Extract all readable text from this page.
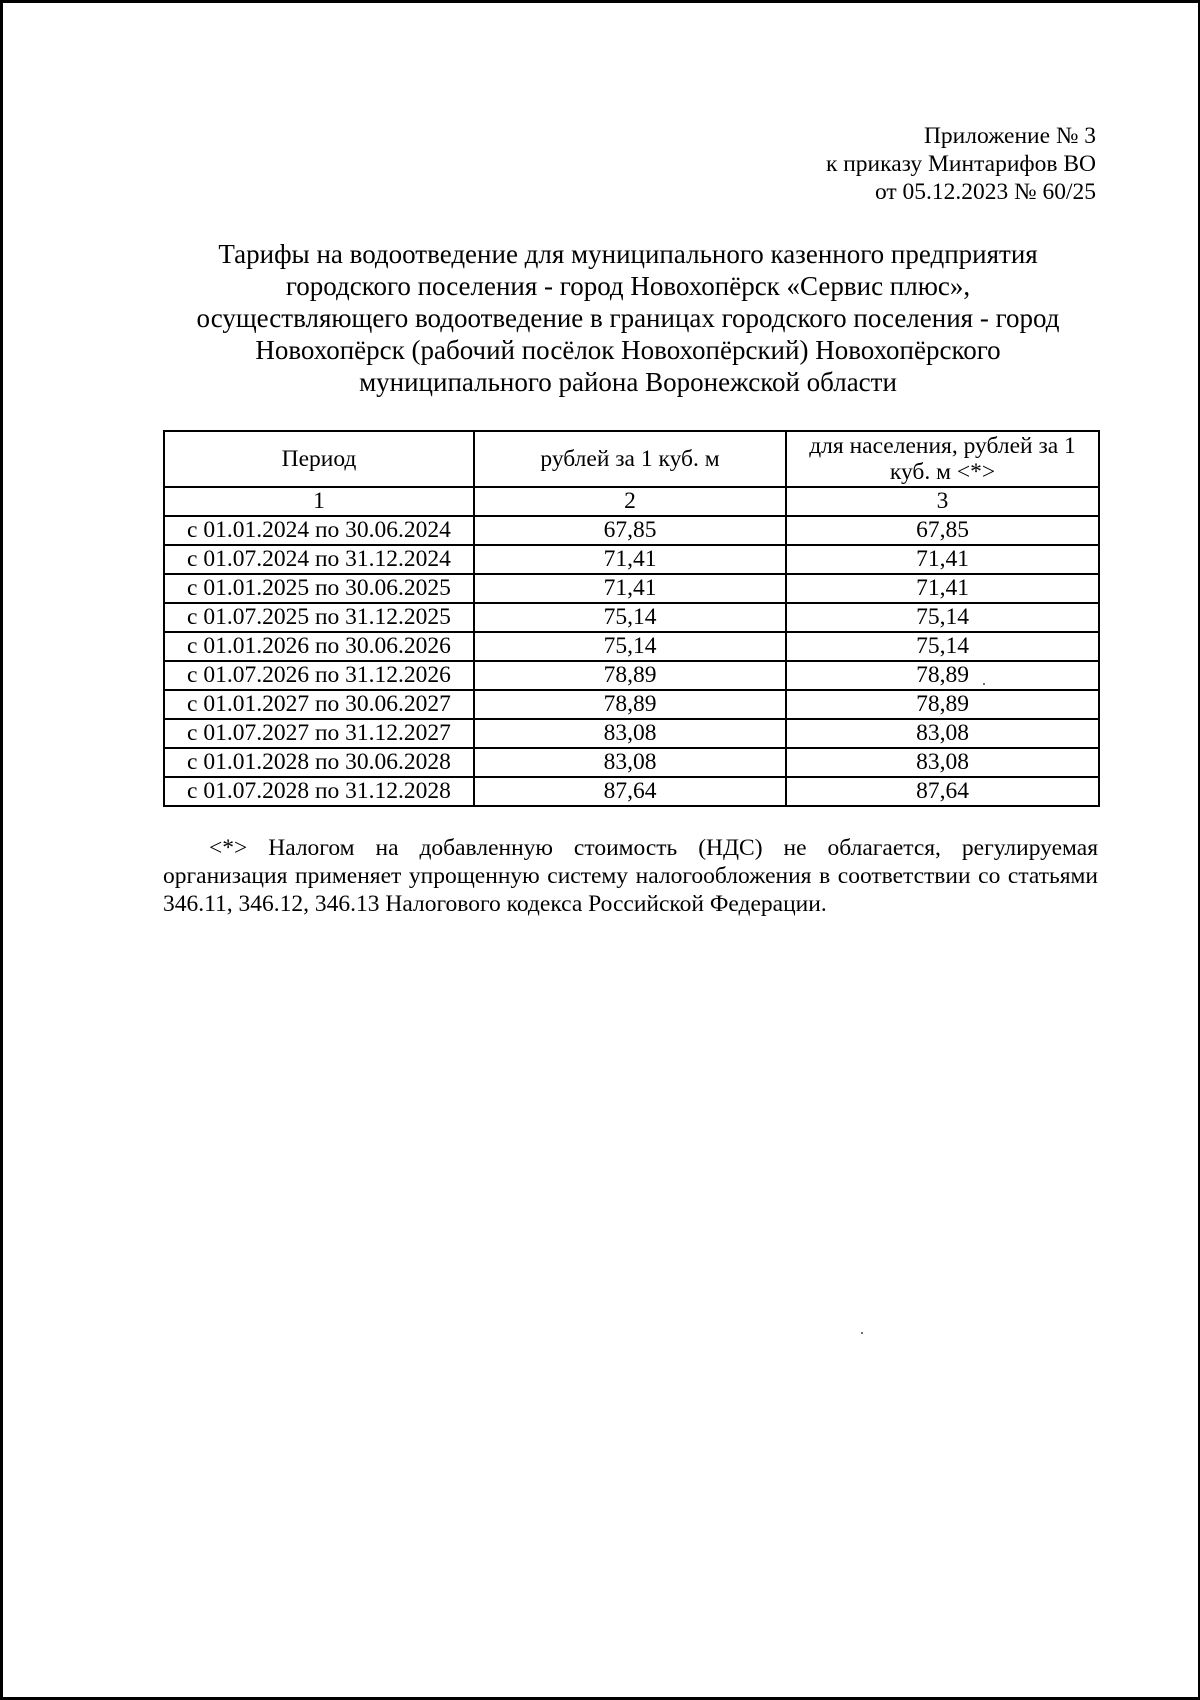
Приложение № 3
к приказу Минтарифов ВО
от 05.12.2023 № 60/25
Тарифы на водоотведение для муниципального казенного предприятия
городского поселения - город Новохопёрск «Сервис плюс»,
осуществляющего водоотведение в границах городского поселения - город
Новохопёрск (рабочий посёлок Новохопёрский) Новохопёрского
муниципального района Воронежской области
Период	рублей за 1 куб. м	для населения, рублей за 1
куб. м <*>
1	2	3
с 01.01.2024 по 30.06.2024	67,85	67,85
с 01.07.2024 по 31.12.2024	71,41	71,41
с 01.01.2025 по 30.06.2025	71,41	71,41
с 01.07.2025 по 31.12.2025	75,14	75,14
с 01.01.2026 по 30.06.2026	75,14	75,14
с 01.07.2026 по 31.12.2026	78,89	78,89
с 01.01.2027 по 30.06.2027	78,89	78,89
с 01.07.2027 по 31.12.2027	83,08	83,08
с 01.01.2028 по 30.06.2028	83,08	83,08
с 01.07.2028 по 31.12.2028	87,64	87,64
<*> Налогом на добавленную стоимость (НДС) не облагается, регулируемая
организация применяет упрощенную систему налогообложения в соответствии со статьями 346.11, 346.12, 346.13 Налогового кодекса Российской Федерации.
